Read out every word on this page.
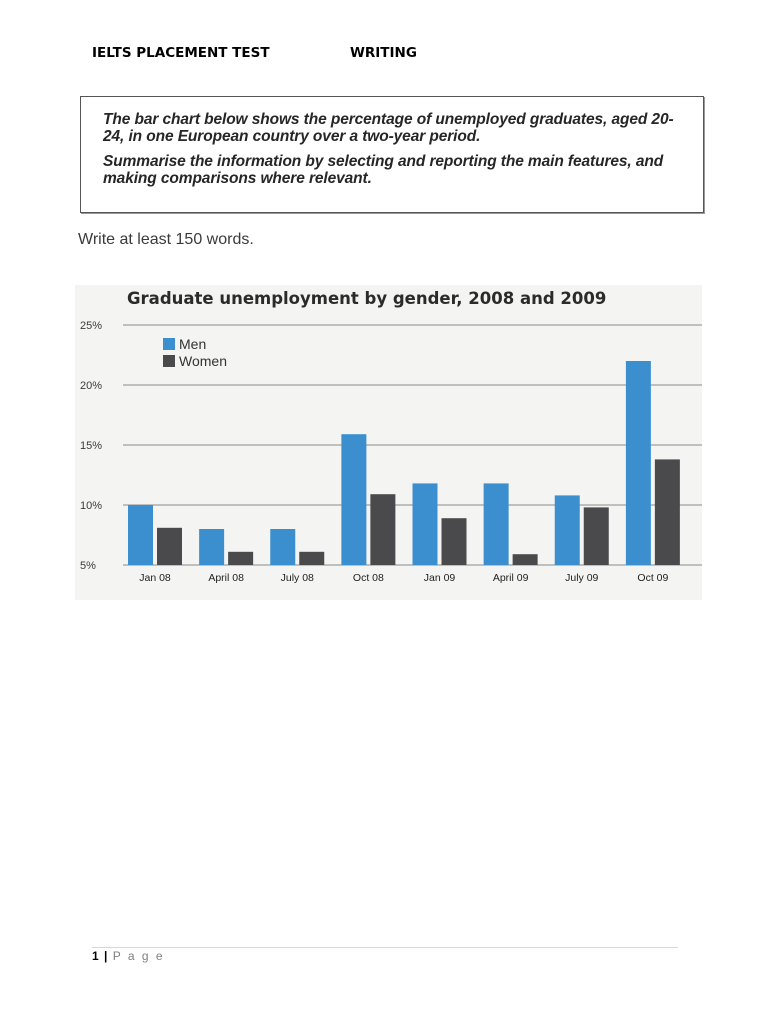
IELTS PLACEMENT TEST	WRITING

The bar chart below shows the percentage of unemployed graduates, aged 20-24, in one European country over a two-year period.

Summarise the information by selecting and reporting the main features, and making comparisons where relevant.

Write at least 150 words.
Graduate unemployment by gender, 2008 and 2009
25%
20%
15%
10%
5%
Jan 08	April 08	July 08	Oct 08	Jan 09	April 09	July 09	Oct 09
Men
Women
1 | P a g e
